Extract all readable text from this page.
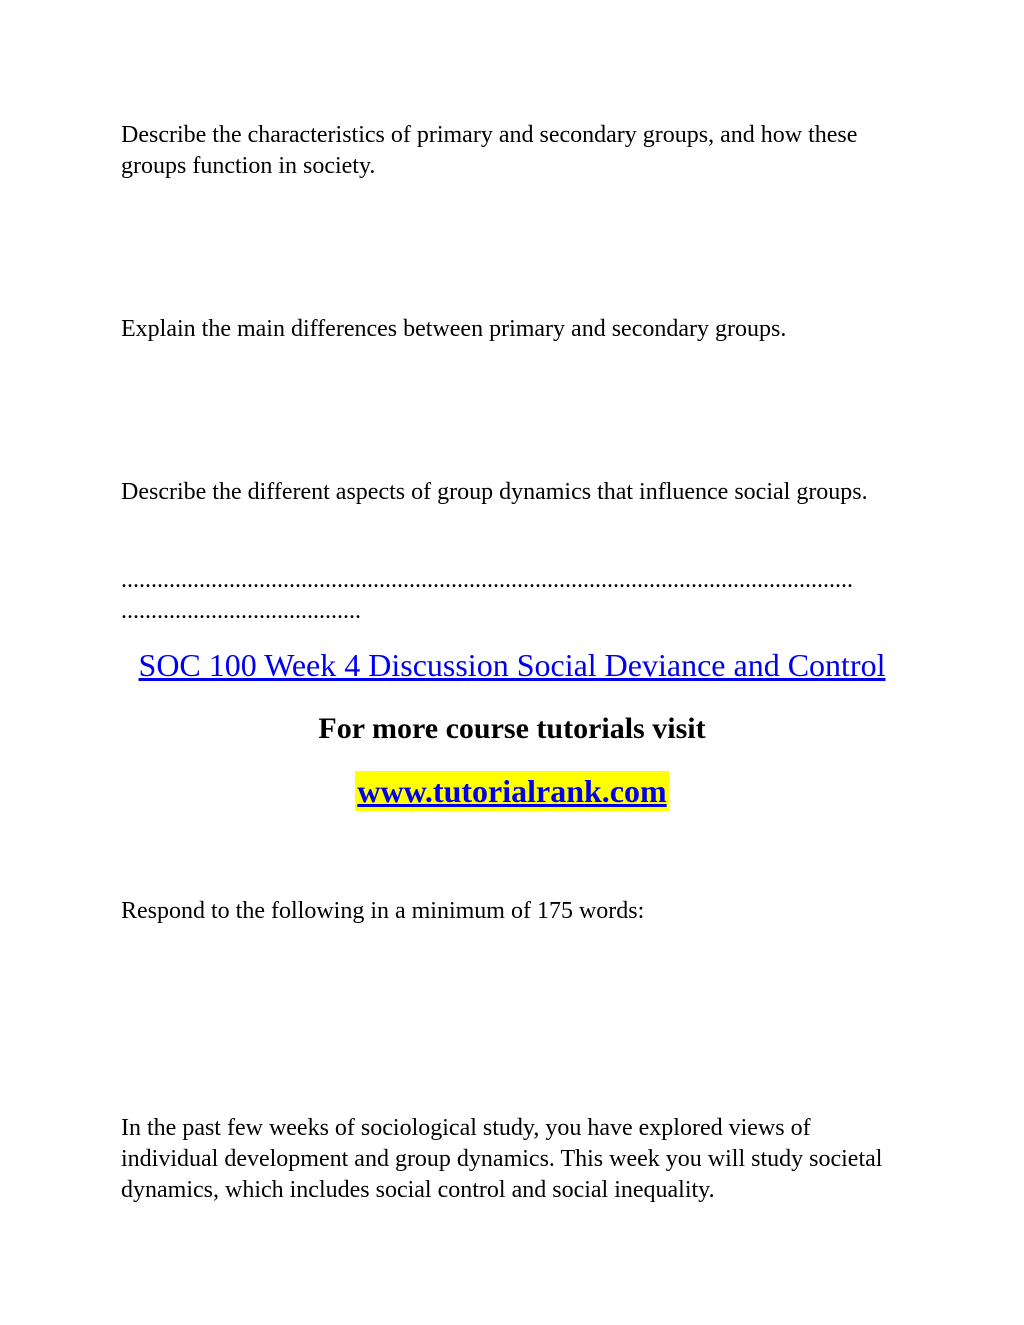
Describe the characteristics of primary and secondary groups, and how these groups function in society.

Explain the main differences between primary and secondary groups.

Describe the different aspects of group dynamics that influence social groups.

..........................................................................................................................

........................................

SOC 100 Week 4 Discussion Social Deviance and Control

For more course tutorials visit

www.tutorialrank.com

Respond to the following in a minimum of 175 words:

In the past few weeks of sociological study, you have explored views of individual development and group dynamics. This week you will study societal dynamics, which includes social control and social inequality.
